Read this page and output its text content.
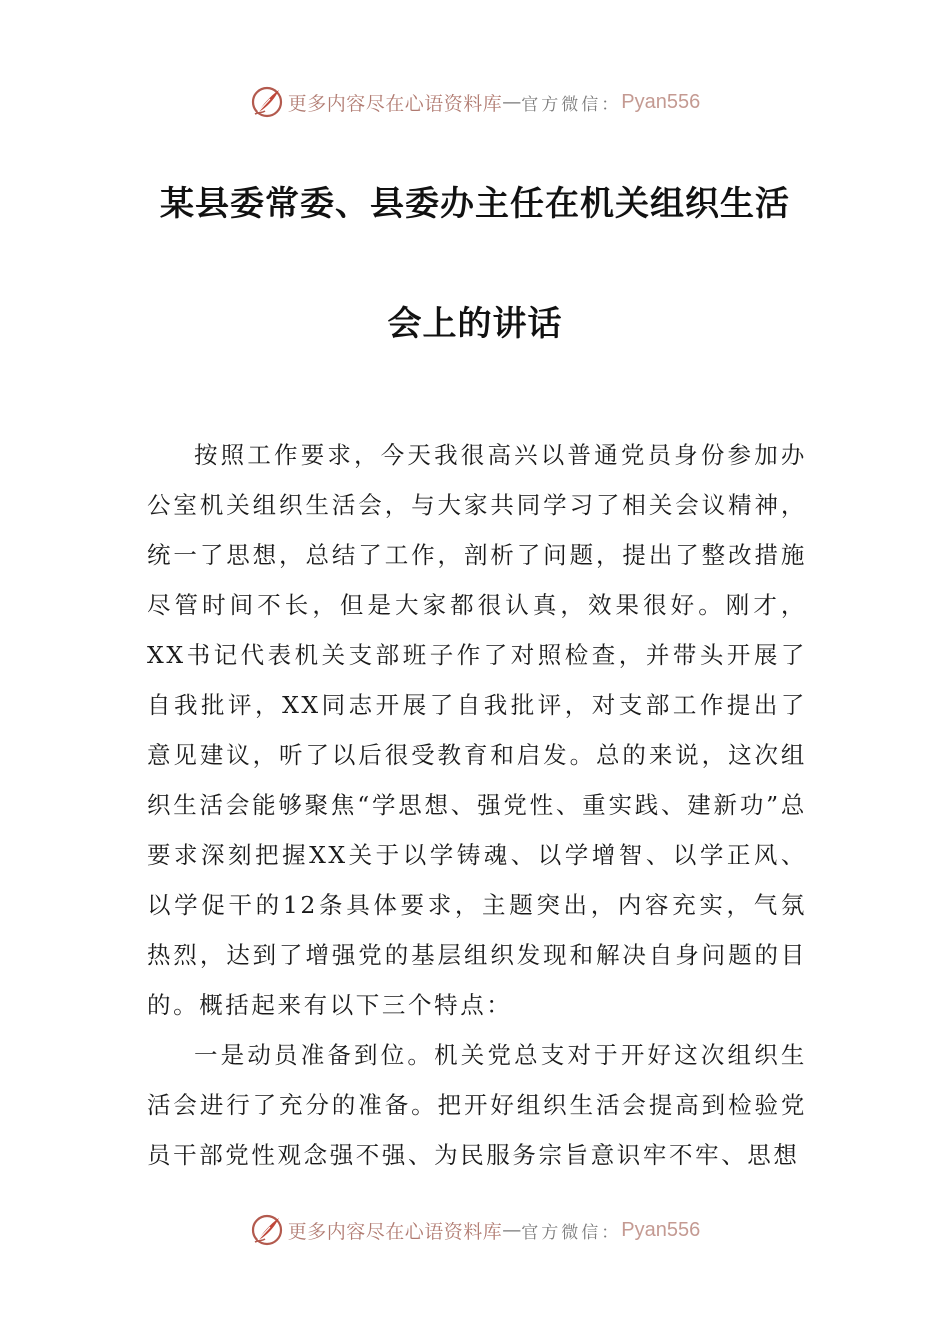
更多内容尽在心语资料库 — 官方微信： Pyan556
某县委常委、县委办主任在机关组织生活
会上的讲话

按照工作要求，今天我很高兴以普通党员身份参加办公室机关组织生活会，与大家共同学习了相关会议精神，统一了思想，总结了工作，剖析了问题，提出了整改措施尽管时间不长，但是大家都很认真，效果很好。刚才，XX书记代表机关支部班子作了对照检查，并带头开展了自我批评，XX同志开展了自我批评，对支部工作提出了意见建议，听了以后很受教育和启发。总的来说，这次组织生活会能够聚焦“学思想、强党性、重实践、建新功”总要求深刻把握XX关于以学铸魂、以学增智、以学正风、以学促干的12条具体要求，主题突出，内容充实，气氛热烈，达到了增强党的基层组织发现和解决自身问题的目的。概括起来有以下三个特点：

一是动员准备到位。机关党总支对于开好这次组织生活会进行了充分的准备。把开好组织生活会提高到检验党员干部党性观念强不强、为民服务宗旨意识牢不牢、思想

更多内容尽在心语资料库 — 官方微信： Pyan556
